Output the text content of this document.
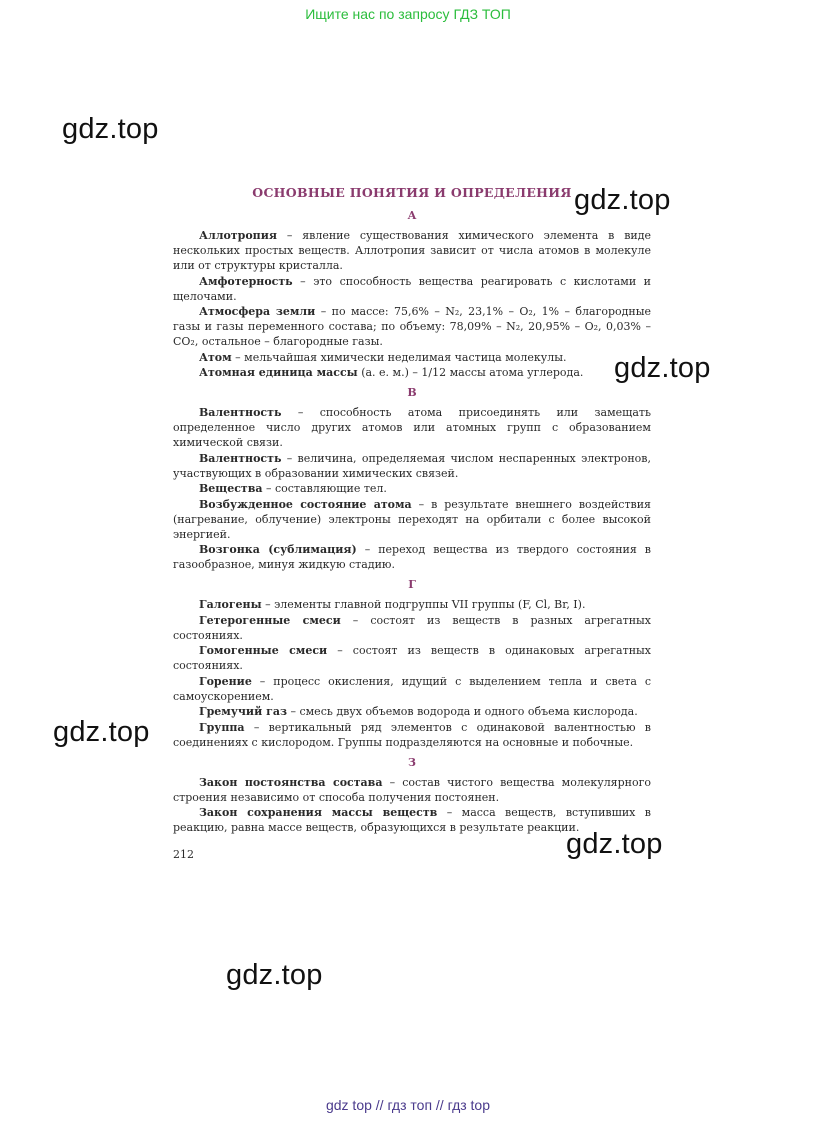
Ищите нас по запросу ГДЗ ТОП
gdz.top
gdz.top
gdz.top
gdz.top
gdz.top
gdz.top
ОСНОВНЫЕ ПОНЯТИЯ И ОПРЕДЕЛЕНИЯ
А

Аллотропия – явление существования химического элемента в виде нескольких простых веществ. Аллотропия зависит от числа атомов в молекуле или от структуры кристалла.

Амфотерность – это способность вещества реагировать с кислотами и щелочами.

Атмосфера земли – по массе: 75,6% – N₂, 23,1% – O₂, 1% – благородные газы и газы переменного состава; по объему: 78,09% – N₂, 20,95% – O₂, 0,03% – CO₂, остальное – благородные газы.

Атом – мельчайшая химически неделимая частица молекулы.

Атомная единица массы (а. е. м.) – 1/12 массы атома углерода.

В

Валентность – способность атома присоединять или замещать определенное число других атомов или атомных групп с образованием химической связи.

Валентность – величина, определяемая числом неспаренных электронов, участвующих в образовании химических связей.

Вещества – составляющие тел.

Возбужденное состояние атома – в результате внешнего воздействия (нагревание, облучение) электроны переходят на орбитали с более высокой энергией.

Возгонка (сублимация) – переход вещества из твердого состояния в газообразное, минуя жидкую стадию.

Г

Галогены – элементы главной подгруппы VII группы (F, Cl, Br, I).

Гетерогенные смеси – состоят из веществ в разных агрегатных состояниях.

Гомогенные смеси – состоят из веществ в одинаковых агрегатных состояниях.

Горение – процесс окисления, идущий с выделением тепла и света с самоускорением.

Гремучий газ – смесь двух объемов водорода и одного объема кислорода.

Группа – вертикальный ряд элементов с одинаковой валентностью в соединениях с кислородом. Группы подразделяются на основные и побочные.

З

Закон постоянства состава – состав чистого вещества молекулярного строения независимо от способа получения постоянен.

Закон сохранения массы веществ – масса веществ, вступивших в реакцию, равна массе веществ, образующихся в результате реакции.

212
gdz top // гдз топ // гдз top
